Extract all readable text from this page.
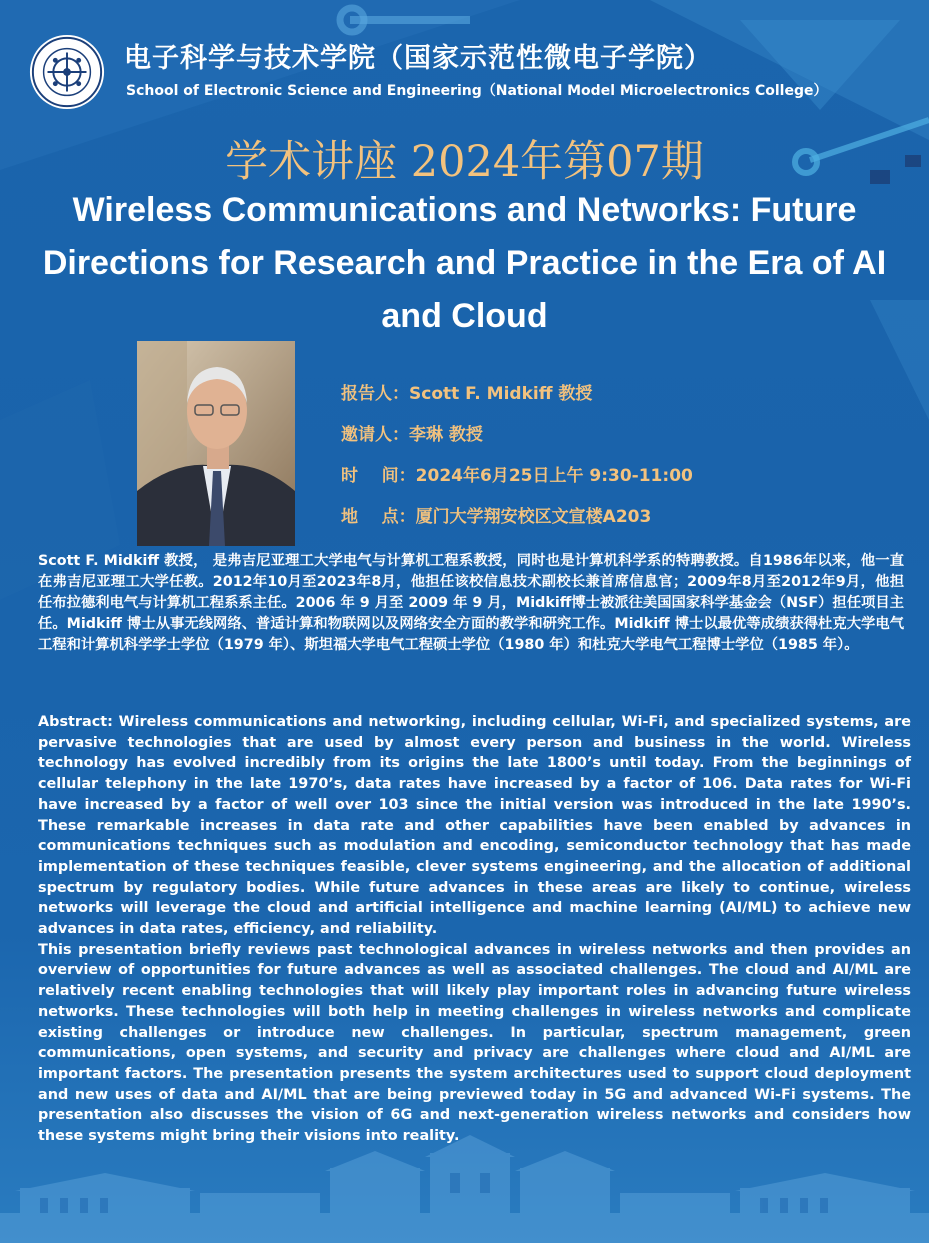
电子科学与技术学院（国家示范性微电子学院）
School of Electronic Science and Engineering（National Model Microelectronics College）
学术讲座 2024年第07期
Wireless Communications and Networks: Future Directions for Research and Practice in the Era of AI and Cloud
报告人：Scott F. Midkiff 教授
邀请人：李琳 教授
时    间：2024年6月25日上午 9:30-11:00
地    点：厦门大学翔安校区文宣楼A203
Scott F. Midkiff 教授， 是弗吉尼亚理工大学电气与计算机工程系教授，同时也是计算机科学系的特聘教授。自1986年以来，他一直在弗吉尼亚理工大学任教。2012年10月至2023年8月，他担任该校信息技术副校长兼首席信息官；2009年8月至2012年9月，他担任布拉德利电气与计算机工程系系主任。2006 年 9 月至 2009 年 9 月，Midkiff博士被派往美国国家科学基金会（NSF）担任项目主任。Midkiff 博士从事无线网络、普适计算和物联网以及网络安全方面的教学和研究工作。Midkiff 博士以最优等成绩获得杜克大学电气工程和计算机科学学士学位（1979 年）、斯坦福大学电气工程硕士学位（1980 年）和杜克大学电气工程博士学位（1985 年）。

Abstract: Wireless communications and networking, including cellular, Wi-Fi, and specialized systems, are pervasive technologies that are used by almost every person and business in the world. Wireless technology has evolved incredibly from its origins the late 1800’s until today. From the beginnings of cellular telephony in the late 1970’s, data rates have increased by a factor of 106. Data rates for Wi-Fi have increased by a factor of well over 103 since the initial version was introduced in the late 1990’s. These remarkable increases in data rate and other capabilities have been enabled by advances in communications techniques such as modulation and encoding, semiconductor technology that has made implementation of these techniques feasible, clever systems engineering, and the allocation of additional spectrum by regulatory bodies. While future advances in these areas are likely to continue, wireless networks will leverage the cloud and artificial intelligence and machine learning (AI/ML) to achieve new advances in data rates, efficiency, and reliability.

This presentation briefly reviews past technological advances in wireless networks and then provides an overview of opportunities for future advances as well as associated challenges. The cloud and AI/ML are relatively recent enabling technologies that will likely play important roles in advancing future wireless networks. These technologies will both help in meeting challenges in wireless networks and complicate existing challenges or introduce new challenges. In particular, spectrum management, green communications, open systems, and security and privacy are challenges where cloud and AI/ML are important factors. The presentation presents the system architectures used to support cloud deployment and new uses of data and AI/ML that are being previewed today in 5G and advanced Wi-Fi systems. The presentation also discusses the vision of 6G and next-generation wireless networks and considers how these systems might bring their visions into reality.
